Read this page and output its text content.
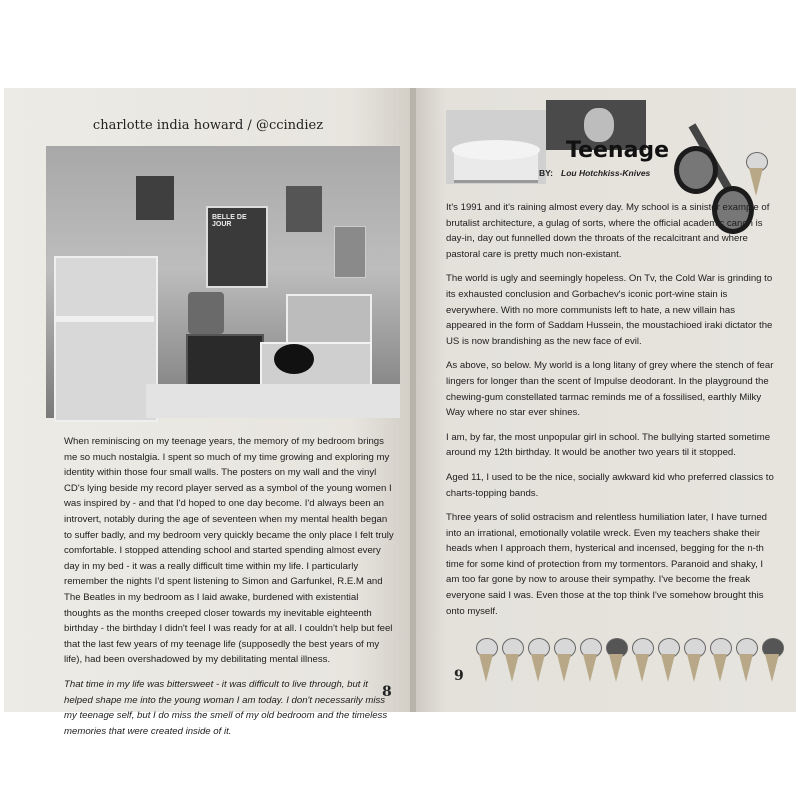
charlotte india howard / @ccindiez
BELLE DE JOUR

When reminiscing on my teenage years, the memory of my bedroom brings me so much nostalgia. I spent so much of my time growing and exploring my identity within those four small walls. The posters on my wall and the vinyl CD's lying beside my record player served as a symbol of the young women I was inspired by - and that I'd hoped to one day become. I'd always been an introvert, notably during the age of seventeen when my mental health began to suffer badly, and my bedroom very quickly became the only place I felt truly comfortable. I stopped attending school and started spending almost every day in my bed - it was a really difficult time within my life. I particularly remember the nights I'd spent listening to Simon and Garfunkel, R.E.M and The Beatles in my bedroom as I laid awake, burdened with existential thoughts as the months creeped closer towards my inevitable eighteenth birthday - the birthday I didn't feel I was ready for at all. I couldn't help but feel that the last few years of my teenage life (supposedly the best years of my life), had been overshadowed by my debilitating mental illness.

That time in my life was bittersweet - it was difficult to live through, but it helped shape me into the young woman I am today. I don't necessarily miss my teenage self, but I do miss the smell of my old bedroom and the timeless memories that were created inside of it.

8
Teenage
BY: Lou Hotchkiss-Knives

It's 1991 and it's raining almost every day. My school is a sinister example of brutalist architecture, a gulag of sorts, where the official academic canon is day-in, day out funnelled down the throats of the recalcitrant and where pastoral care is pretty much non-existant.

The world is ugly and seemingly hopeless. On Tv, the Cold War is grinding to its exhausted conclusion and Gorbachev's iconic port-wine stain is everywhere. With no more communists left to hate, a new villain has appeared in the form of Saddam Hussein, the moustachioed iraki dictator the US is now brandishing as the new face of evil.

As above, so below. My world is a long litany of grey where the stench of fear lingers for longer than the scent of Impulse deodorant. In the playground the chewing-gum constellated tarmac reminds me of a fossilised, earthly Milky Way where no star ever shines.

I am, by far, the most unpopular girl in school. The bullying started sometime around my 12th birthday. It would be another two years til it stopped.

Aged 11, I used to be the nice, socially awkward kid who preferred classics to charts-topping bands.

Three years of solid ostracism and relentless humiliation later, I have turned into an irrational, emotionally volatile wreck. Even my teachers shake their heads when I approach them, hysterical and incensed, begging for the n-th time for some kind of protection from my tormentors. Paranoid and shaky, I am too far gone by now to arouse their sympathy. I've become the freak everyone said I was. Even those at the top think I've somehow brought this onto myself.

9
